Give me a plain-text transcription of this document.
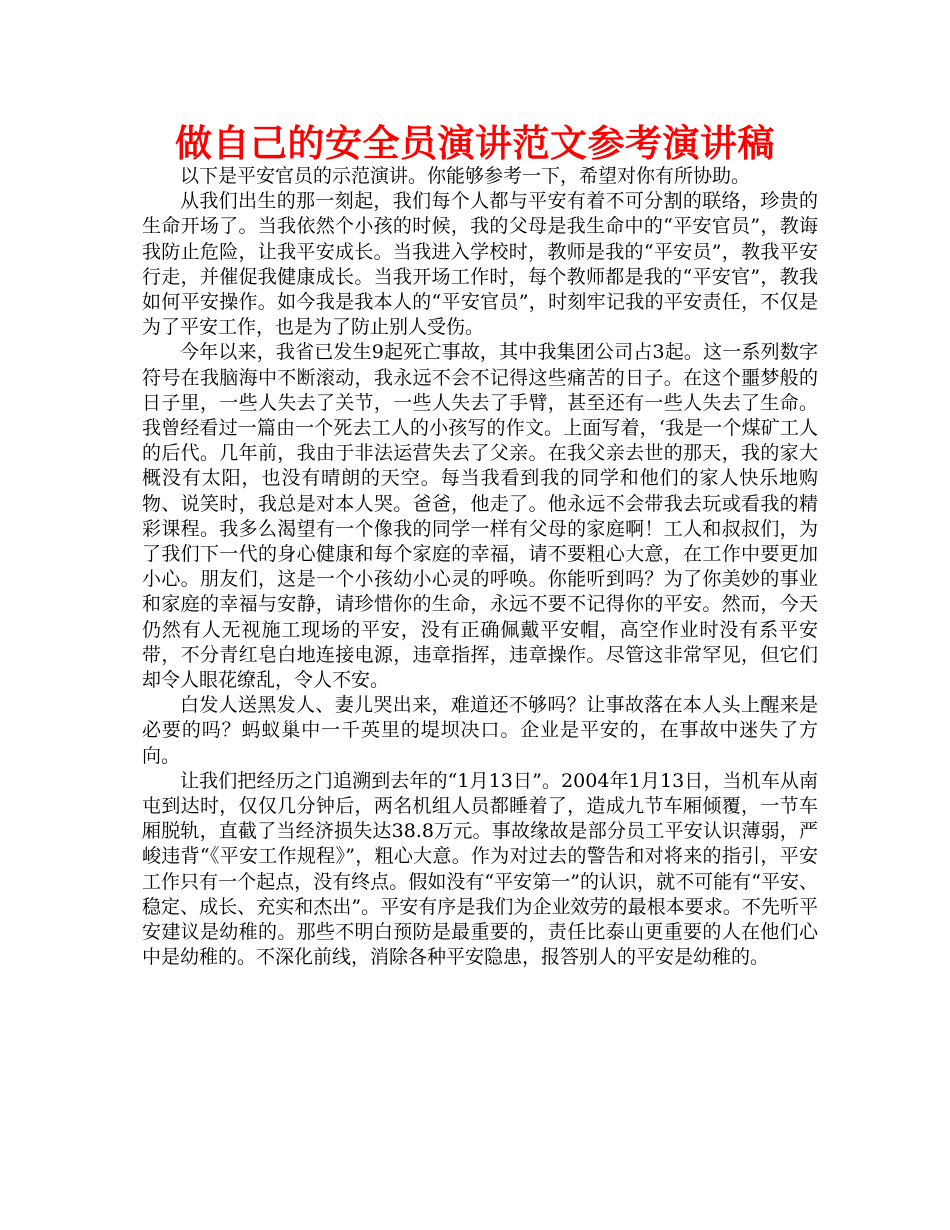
做自己的安全员演讲范文参考演讲稿

以下是平安官员的示范演讲。你能够参考一下，希望对你有所协助。

从我们出生的那一刻起，我们每个人都与平安有着不可分割的联络，珍贵的生命开场了。当我依然个小孩的时候，我的父母是我生命中的“平安官员”，教诲我防止危险，让我平安成长。当我进入学校时，教师是我的“平安员”，教我平安行走，并催促我健康成长。当我开场工作时，每个教师都是我的“平安官”，教我如何平安操作。如今我是我本人的“平安官员”，时刻牢记我的平安责任，不仅是为了平安工作，也是为了防止别人受伤。

今年以来，我省已发生9起死亡事故，其中我集团公司占3起。这一系列数字符号在我脑海中不断滚动，我永远不会不记得这些痛苦的日子。在这个噩梦般的日子里，一些人失去了关节，一些人失去了手臂，甚至还有一些人失去了生命。我曾经看过一篇由一个死去工人的小孩写的作文。上面写着，‘我是一个煤矿工人的后代。几年前，我由于非法运营失去了父亲。在我父亲去世的那天，我的家大概没有太阳，也没有晴朗的天空。每当我看到我的同学和他们的家人快乐地购物、说笑时，我总是对本人哭。爸爸，他走了。他永远不会带我去玩或看我的精彩课程。我多么渴望有一个像我的同学一样有父母的家庭啊！工人和叔叔们，为了我们下一代的身心健康和每个家庭的幸福，请不要粗心大意，在工作中要更加小心。朋友们，这是一个小孩幼小心灵的呼唤。你能听到吗？为了你美妙的事业和家庭的幸福与安静，请珍惜你的生命，永远不要不记得你的平安。然而，今天仍然有人无视施工现场的平安，没有正确佩戴平安帽，高空作业时没有系平安带，不分青红皂白地连接电源，违章指挥，违章操作。尽管这非常罕见，但它们却令人眼花缭乱，令人不安。

白发人送黑发人、妻儿哭出来，难道还不够吗？让事故落在本人头上醒来是必要的吗？蚂蚁巢中一千英里的堤坝决口。企业是平安的，在事故中迷失了方向。

让我们把经历之门追溯到去年的“1月13日”。2004年1月13日，当机车从南屯到达时，仅仅几分钟后，两名机组人员都睡着了，造成九节车厢倾覆，一节车厢脱轨，直截了当经济损失达38.8万元。事故缘故是部分员工平安认识薄弱，严峻违背“《平安工作规程》”，粗心大意。作为对过去的警告和对将来的指引，平安工作只有一个起点，没有终点。假如没有“平安第一”的认识，就不可能有“平安、稳定、成长、充实和杰出”。平安有序是我们为企业效劳的最根本要求。不先听平安建议是幼稚的。那些不明白预防是最重要的，责任比泰山更重要的人在他们心中是幼稚的。不深化前线，消除各种平安隐患，报答别人的平安是幼稚的。
